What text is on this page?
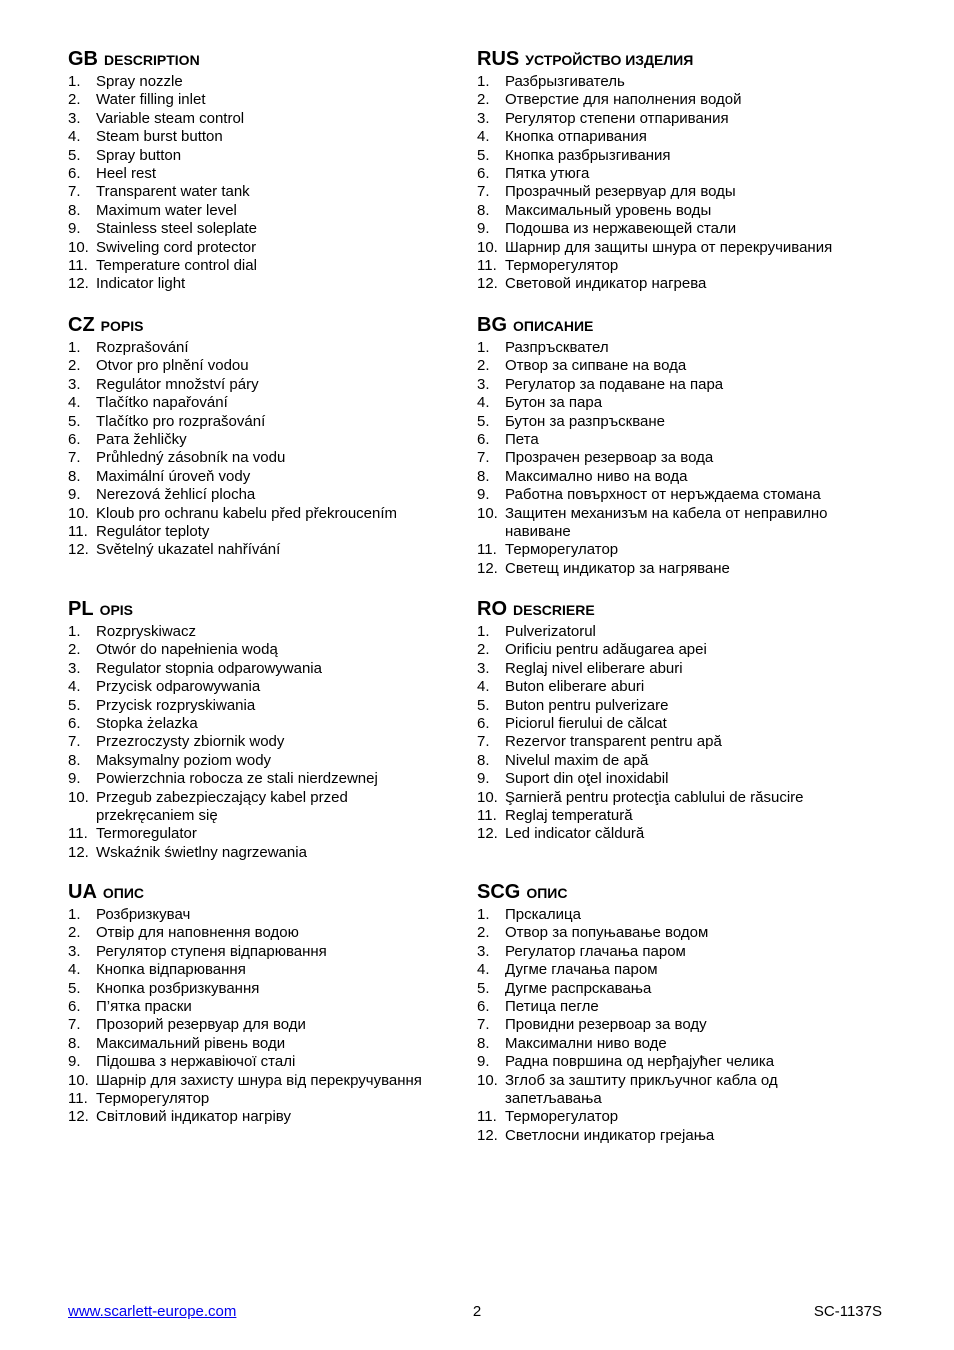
GB DESCRIPTION
1.	Spray nozzle
2.	Water filling inlet
3.	Variable steam control
4.	Steam burst button
5.	Spray button
6.	Heel rest
7.	Transparent water tank
8.	Maximum water level
9.	Stainless steel soleplate
10. Swiveling cord protector
11. Temperature control dial
12. Indicator light
RUS УСТРОЙСТВО ИЗДЕЛИЯ
1.	Разбрызгиватель
2.	Отверстие для наполнения водой
3.	Регулятор степени отпаривания
4.	Кнопка отпаривания
5.	Кнопка разбрызгивания
6.	Пятка утюга
7.	Прозрачный резервуар для воды
8.	Максимальный уровень воды
9.	Подошва из нержавеющей стали
10. Шарнир для защиты шнура от перекручивания
11. Терморегулятор
12. Световой индикатор нагрева
CZ POPIS
1.	Rozprašování
2.	Otvor pro plnění vodou
3.	Regulátor množství páry
4.	Tlačítko napařování
5.	Tlačítko pro rozprašování
6.	Pата žehličky
7.	Průhledný zásobník na vodu
8.	Maximální úroveň vody
9.	Nerezová žehlicí plocha
10. Kloub pro ochranu kabelu před překroucením
11. Regulátor teploty
12. Světelný ukazatel nahřívání
BG ОПИСАНИЕ
1.	Разпръсквател
2.	Отвор за сипване на вода
3.	Регулатор за подаване на пара
4.	Бутон за пара
5.	Бутон за разпръскване
6.	Пета
7.	Прозрачен резервоар за вода
8.	Максимално ниво на вода
9.	Работна повърхност от неръждаема стомана
10. Защитен механизъм на кабела от неправилно навиване
11. Терморегулатор
12. Светещ индикатор за нагряване
PL OPIS
1.	Rozpryskiwacz
2.	Otwór do napełnienia wodą
3.	Regulator stopnia odparowywania
4.	Przycisk odparowywania
5.	Przycisk rozpryskiwania
6.	Stopka żelazka
7.	Przezroczysty zbiornik wody
8.	Maksymalny poziom wody
9.	Powierzchnia robocza ze stali nierdzewnej
10. Przegub zabezpieczający kabel przed przekręcaniem się
11. Termoregulator
12. Wskaźnik świetlny nagrzewania
RO DESCRIERE
1.	Pulverizatorul
2.	Orificiu pentru adăugarea apei
3.	Reglaj nivel eliberare aburi
4.	Buton eliberare aburi
5.	Buton pentru pulverizare
6.	Piciorul fierului de călcat
7.	Rezervor transparent pentru apă
8.	Nivelul maxim de apă
9.	Suport din oţel inoxidabil
10. Şarnieră pentru protecţia cablului de răsucire
11. Reglaj temperatură
12. Led indicator căldură
UA ОПИС
1.	Розбризкувач
2.	Отвір для наповнення водою
3.	Регулятор ступеня відпарювання
4.	Кнопка відпарювання
5.	Кнопка розбризкування
6.	П’ятка праски
7.	Прозорий резервуар для води
8.	Максимальний рівень води
9.	Підошва з нержавіючої сталі
10. Шарнір для захисту шнура від перекручування
11. Терморегулятор
12. Світловий індикатор нагріву
SCG ОПИС
1.	Прскалица
2.	Отвор за попуњавање водом
3.	Регулатор глачања паром
4.	Дугме глачања паром
5.	Дугме распрскавања
6.	Петица пегле
7.	Провидни резервоар за воду
8.	Максимални ниво воде
9.	Радна површина од нерђајућег челика
10. Зглоб за заштиту прикључног кабла од запетљавања
11. Терморегулатор
12. Светлосни индикатор грејања
www.scarlett-europe.com	2	SC-1137S
